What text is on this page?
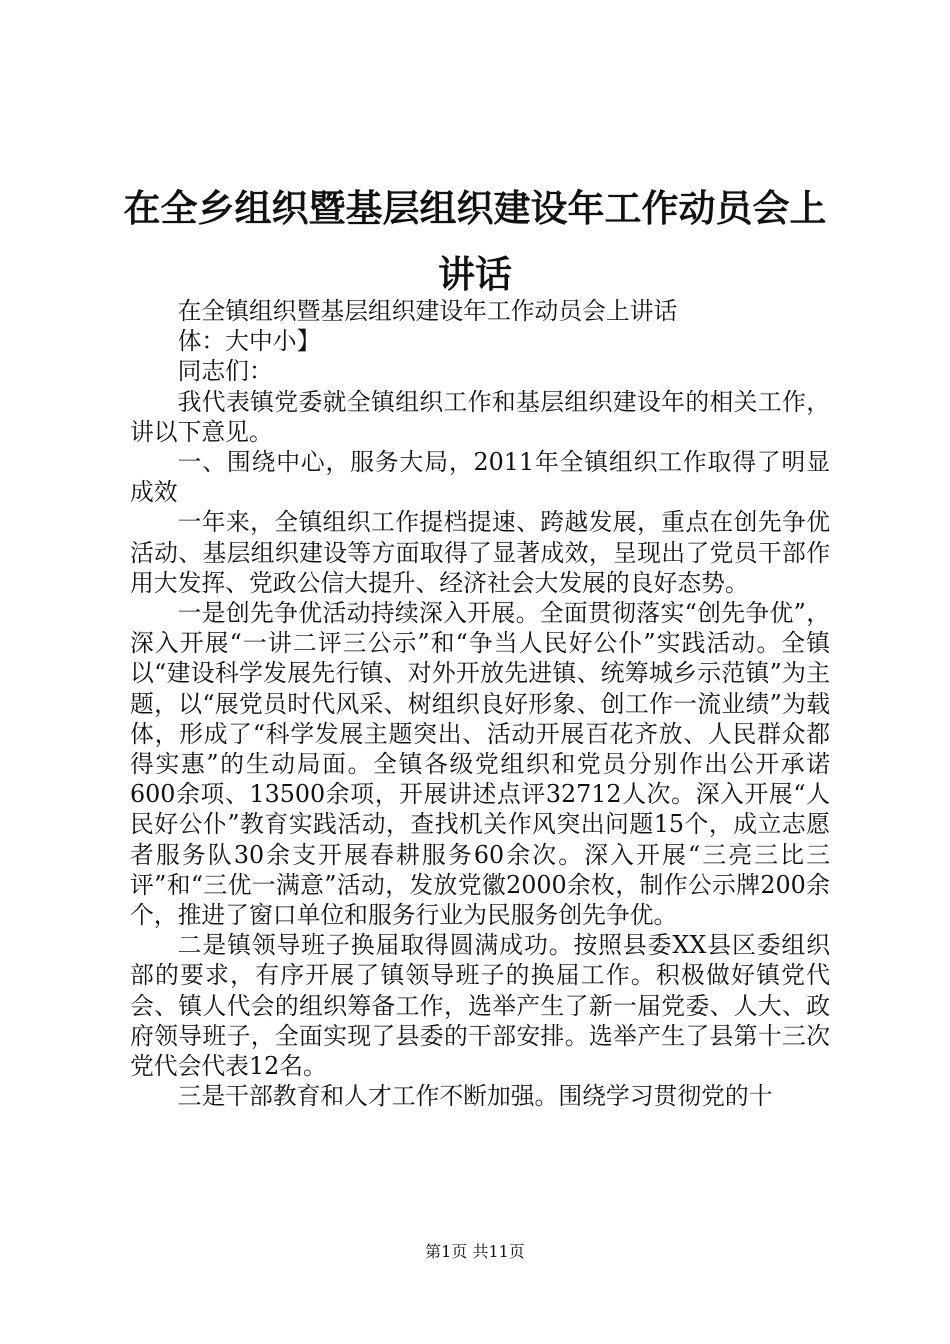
在全乡组织暨基层组织建设年工作动员会上讲话

在全镇组织暨基层组织建设年工作动员会上讲话

体：大中小】

同志们：

我代表镇党委就全镇组织工作和基层组织建设年的相关工作，讲以下意见。

一、围绕中心，服务大局，2011年全镇组织工作取得了明显成效

一年来，全镇组织工作提档提速、跨越发展，重点在创先争优活动、基层组织建设等方面取得了显著成效，呈现出了党员干部作用大发挥、党政公信大提升、经济社会大发展的良好态势。

一是创先争优活动持续深入开展。全面贯彻落实“创先争优”，深入开展“一讲二评三公示”和“争当人民好公仆”实践活动。全镇以“建设科学发展先行镇、对外开放先进镇、统筹城乡示范镇”为主题，以“展党员时代风采、树组织良好形象、创工作一流业绩”为载体，形成了“科学发展主题突出、活动开展百花齐放、人民群众都得实惠”的生动局面。全镇各级党组织和党员分别作出公开承诺600余项、13500余项，开展讲述点评32712人次。深入开展“人民好公仆”教育实践活动，查找机关作风突出问题15个，成立志愿者服务队30余支开展春耕服务60余次。深入开展“三亮三比三评”和“三优一满意”活动，发放党徽2000余枚，制作公示牌200余个，推进了窗口单位和服务行业为民服务创先争优。

二是镇领导班子换届取得圆满成功。按照县委XX县区委组织部的要求，有序开展了镇领导班子的换届工作。积极做好镇党代会、镇人代会的组织筹备工作，选举产生了新一届党委、人大、政府领导班子，全面实现了县委的干部安排。选举产生了县第十三次党代会代表12名。

三是干部教育和人才工作不断加强。围绕学习贯彻党的十

第1页 共11页
